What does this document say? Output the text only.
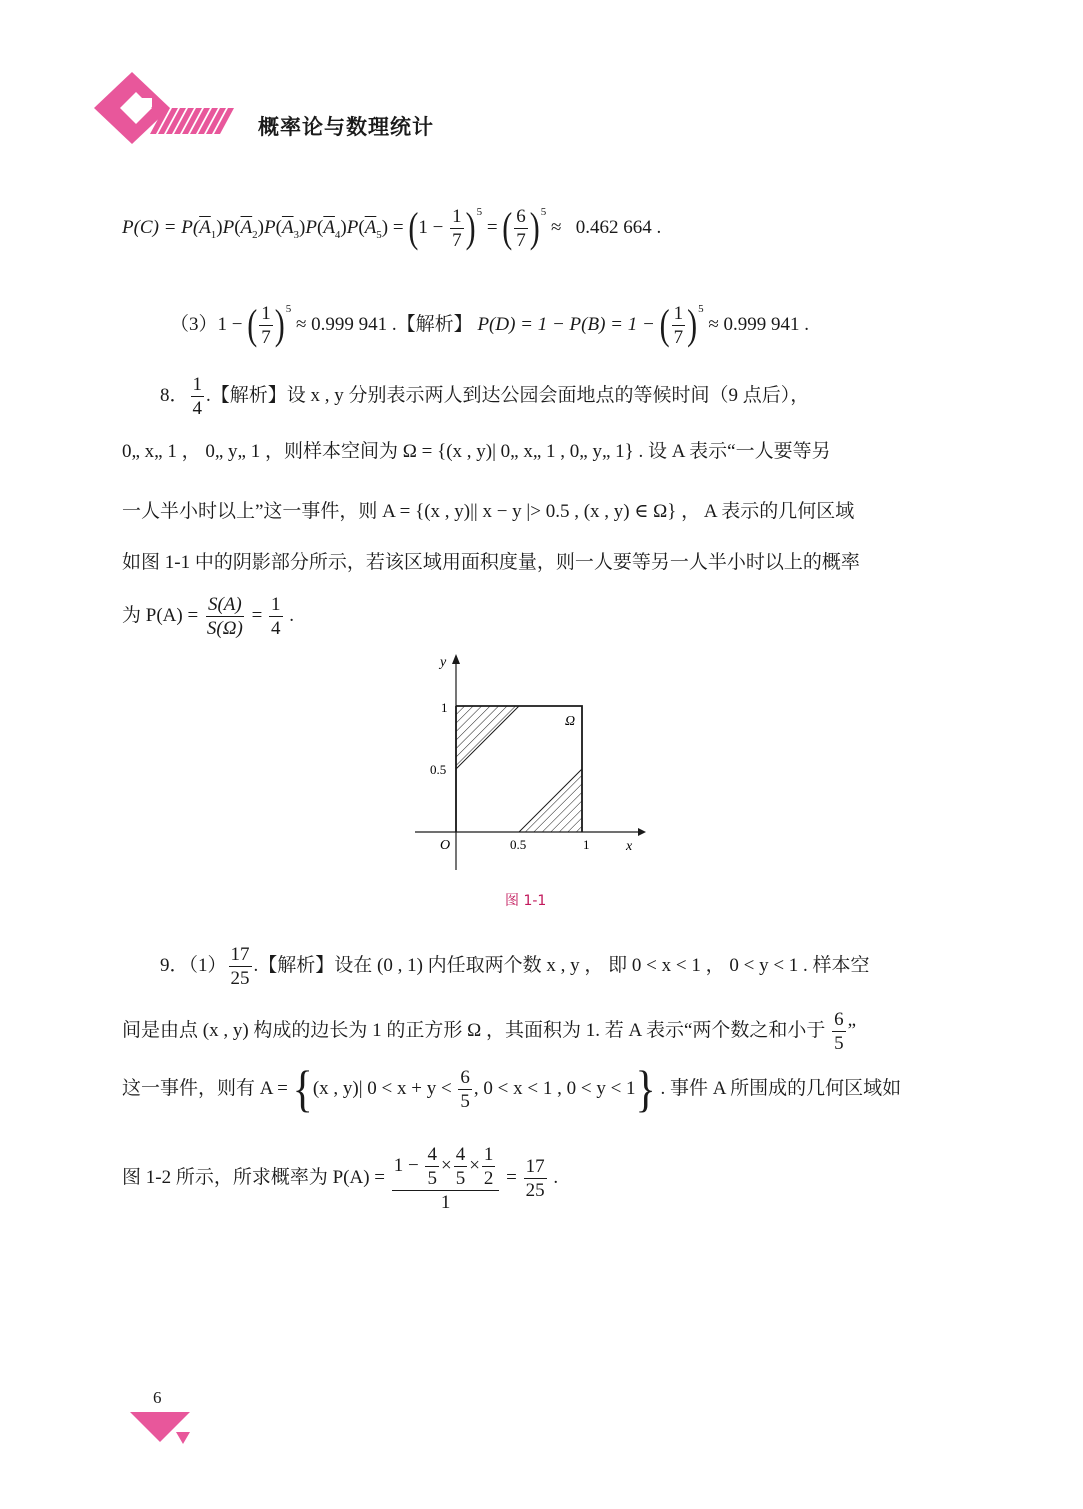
概率论与数理统计
$P(C) = P(\overline{A}_1)P(\overline{A}_2)P(\overline{A}_3)P(\overline{A}_4)P(\overline{A}_5) = (1 - \frac{1}{7} )^5$ = ( $\frac{6}{7} )^5 \approx 0.462$ 664 .
（3）1 − ( $\frac{1}{7} )^5 \approx 0.999$ 941 .【解析】 P(D) = 1 − P(B) = 1 − ( $\frac{1}{7} )^5 \approx 0.999$ 941 .
8． $\frac{1}{4}$ .【解析】设 x , y 分别表示两人到达公园会面地点的等候时间（9 点后），
0„ x„ 1 ， 0„ y„ 1 ，则样本空间为 Ω = {(x , y)| 0„ x„ 1 , 0„ y„ 1} . 设 A 表示“一人要等另
一人半小时以上”这一事件，则 A = {(x , y)|| x − y |> 0.5 , (x , y) ∈ Ω} ， A 表示的几何区域
如图 1-1 中的阴影部分所示，若该区域用面积度量，则一人要等另一人半小时以上的概率
为 $P(A) = \frac{S(A)}{S(\Omega)} = \frac{1}{4}$ .
y
x
O
1
0.5
0.5	1
Ω
图 1-1
9．$(1) \frac{17}{25}$ .【解析】设在 (0 , 1) 内任取两个数 x , y ， 即 0 < x < 1 ， 0 < y < 1 . 样本空
间是由点 (x , y) 构成的边长为 1 的正方形 Ω ，其面积为 1. 若 A 表示“两个数之和小于 $\frac{6}{5}$ ”
这一事件，则有 A = {(x , y)| $0 < x + y < \frac{6}{5}$ , 0 < x < 1 , 0 < y < 1} . 事件 A 所围成的几何区域如
图 1-2 所示，所求概率为 $P(A) = \frac{1 - \frac{4}{5} \times \frac{4}{5} \times \frac{1}{2}}{1} = \frac{17}{25}$ .
6
